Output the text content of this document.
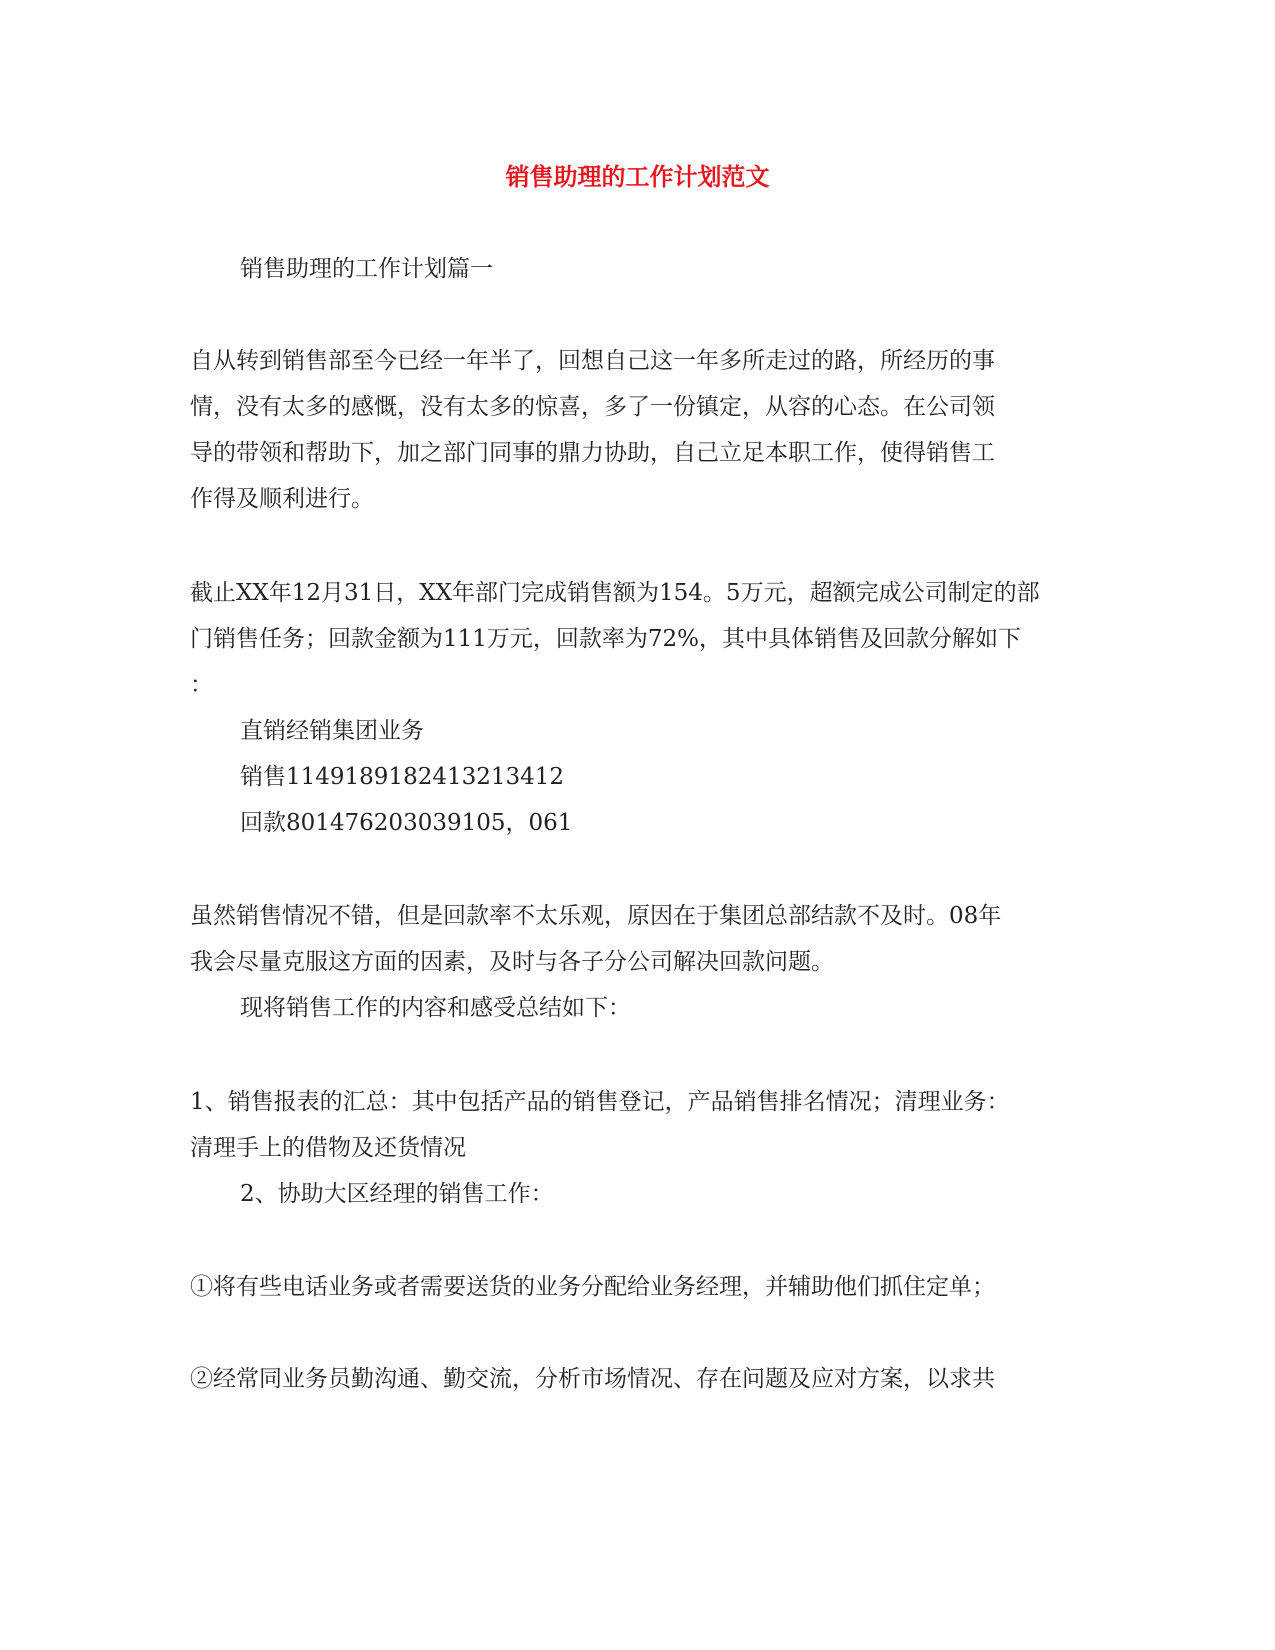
销售助理的工作计划范文

销售助理的工作计划篇一

自从转到销售部至今已经一年半了，回想自己这一年多所走过的路，所经历的事

情，没有太多的感慨，没有太多的惊喜，多了一份镇定，从容的心态。在公司领

导的带领和帮助下，加之部门同事的鼎力协助，自己立足本职工作，使得销售工

作得及顺利进行。

截止XX年12月31日，XX年部门完成销售额为154。5万元，超额完成公司制定的部

门销售任务；回款金额为111万元，回款率为72%，其中具体销售及回款分解如下

：

直销经销集团业务

销售1149189182413213412

回款801476203039105，061

虽然销售情况不错，但是回款率不太乐观，原因在于集团总部结款不及时。08年

我会尽量克服这方面的因素，及时与各子分公司解决回款问题。

现将销售工作的内容和感受总结如下：

1、销售报表的汇总：其中包括产品的销售登记，产品销售排名情况；清理业务：

清理手上的借物及还货情况

2、协助大区经理的销售工作：

①将有些电话业务或者需要送货的业务分配给业务经理，并辅助他们抓住定单；

②经常同业务员勤沟通、勤交流，分析市场情况、存在问题及应对方案，以求共
